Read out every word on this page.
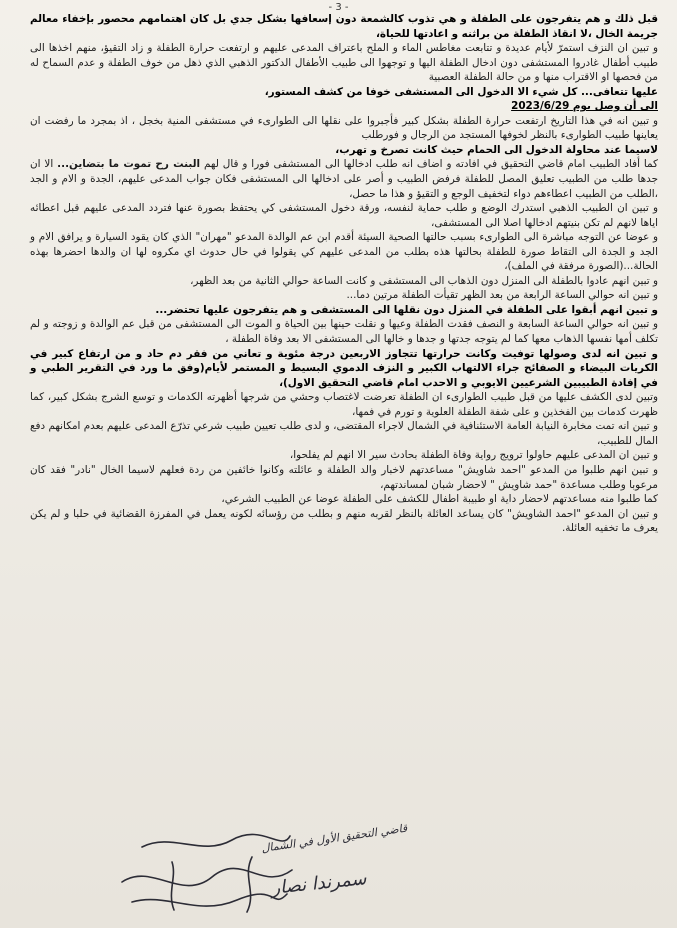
- 3 -

قبل ذلك و هم يتفرجون على الطفلة و هي تذوب كالشمعة دون إسعافها بشكل جدي بل كان اهتمامهم محصور بإخفاء معالم جريمة الخال ،لا انقاذ الطفلة من براثنه و اعادتها للحياة،

و تبين ان النزف استمرّ لأيام عديدة و تتابعت مغاطس الماء و الملح باعتراف المدعى عليهم و ارتفعت حرارة الطفلة و زاد التقيؤ، منهم اخذها الى طبيب أطفال غادروا المستشفى دون ادخال الطفلة اليها و توجهوا الى طبيب الأطفال الدكتور الذهبي الذي ذهل من خوف الطفلة و عدم السماح له من فحصها او الاقتراب منها و من حالة الطفلة العصبية

عليها تتعافى... كل شيء الا الدخول الى المستشفى خوفا من كشف المستور،

الى أن وصل يوم 2023/6/29

و تبين انه في هذا التاريخ ارتفعت حرارة الطفلة بشكل كبير فأجبروا على نقلها الى الطوارىء في مستشفى المنية بخجل ، اذ بمجرد ما رفضت ان يعاينها طبيب الطوارىء بالنظر لخوفها المستجد من الرجال و فورطلب

لاسيما عند محاولة الدخول الى الحمام حيث كانت تصرخ و تهرب،

كما أفاد الطبيب امام قاضي التحقيق في افادته و اضاف انه طلب ادخالها الى المستشفى فورا و قال لهم البنت رح تموت ما بتضاين... الا ان جدها طلب من الطبيب تعليق المصل للطفلة فرفض الطبيب و أصر على ادخالها الى المستشفى فكان جواب المدعى عليهم، الجدة و الام و الجد ،الطلب من الطبيب اعطاءهم دواء لتخفيف الوجع و التقيؤ و هذا ما حصل،

و تبين ان الطبيب الذهبي استدرك الوضع و طلب حماية لنفسه، ورقة دخول المستشفى كي يحتفظ بصورة عنها فتردد المدعى عليهم قبل اعطائه اياها لانهم لم تكن بنيتهم ادخالها اصلا الى المستشفى،

و عوضا عن التوجه مباشرة الى الطوارىء بسبب حالتها الصحية السيئة أقدم ابن عم الوالدة المدعو "مهران" الذي كان يقود السيارة و يرافق الام و الجد و الجدة الى التقاط صورة للطفلة بحالتها هذه بطلب من المدعى عليهم كي يقولوا في حال حدوث اي مكروه لها ان والدها احضرها بهذه الحالة...(الصورة مرفقة في الملف)،

و تبين انهم عادوا بالطفلة الى المنزل دون الذهاب الى المستشفى و كانت الساعة حوالي الثانية من بعد الظهر،

و تبين انه حوالي الساعة الرابعة من بعد الظهر تقيأت الطفلة مرتين دما...

و تبين انهم أبقوا على الطفلة في المنزل دون نقلها الى المستشفى و هم يتفرجون عليها تحتضر...

و تبين انه حوالي الساعة السابعة و النصف فقدت الطفلة وعيها و نقلت حينها بين الحياة و الموت الى المستشفى من قبل عم الوالدة و زوجته و لم تكلف أمها نفسها الذهاب معها كما لم يتوجه جدتها و جدها و خالها الى المستشفى الا بعد وفاة الطفلة ،

و تبين انه لدى وصولها توفيت وكانت حرارتها تتجاوز الاربعين درجة مئوية و تعاني من فقر دم حاد و من ارتفاع كبير في الكريات البيضاء و الصفائح جراء الالتهاب الكبير و النزف الدموي البسيط و المستمر لأيام(وفق ما ورد في التقرير الطبي و في إفادة الطبيبين الشرعيين الايوبي و الاحدب امام قاضي التحقيق الاول)،

وتبين لدى الكشف عليها من قبل طبيب الطوارىء ان الطفلة تعرضت لاغتصاب وحشي من شرجها أظهرته الكدمات و توسع الشرج بشكل كبير، كما ظهرت كدمات بين الفخذين و على شفة الطفلة العلوية و تورم في فمها،

و تبين انه تمت مخابرة النيابة العامة الاستئنافية في الشمال لاجراء المقتضى، و لدى طلب تعيين طبيب شرعي تذرّع المدعى عليهم بعدم امكانهم دفع المال للطبيب،

و تبين ان المدعى عليهم حاولوا ترويج رواية وفاة الطفلة بحادث سير الا انهم لم يفلحوا،

و تبين انهم طلبوا من المدعو "احمد شاويش" مساعدتهم لاخبار والد الطفلة و عائلته وكانوا خائفين من ردة فعلهم لاسيما الخال "نادر" فقد كان مرعوبا وطلب مساعدة "حمد شاويش " لاحضار شبان لمساندتهم،

كما طلبوا منه مساعدتهم لاحضار داية او طبيبة اطفال للكشف على الطفلة عوضا عن الطبيب الشرعي،

و تبين ان المدعو "احمد الشاويش" كان يساعد العائلة بالنظر لقربه منهم و بطلب من رؤسائه لكونه يعمل في المفرزة القضائية في حلبا و لم يكن يعرف ما تخفيه العائلة.

قاضي التحقيق الأول في الشمال
سمرندا نصار
